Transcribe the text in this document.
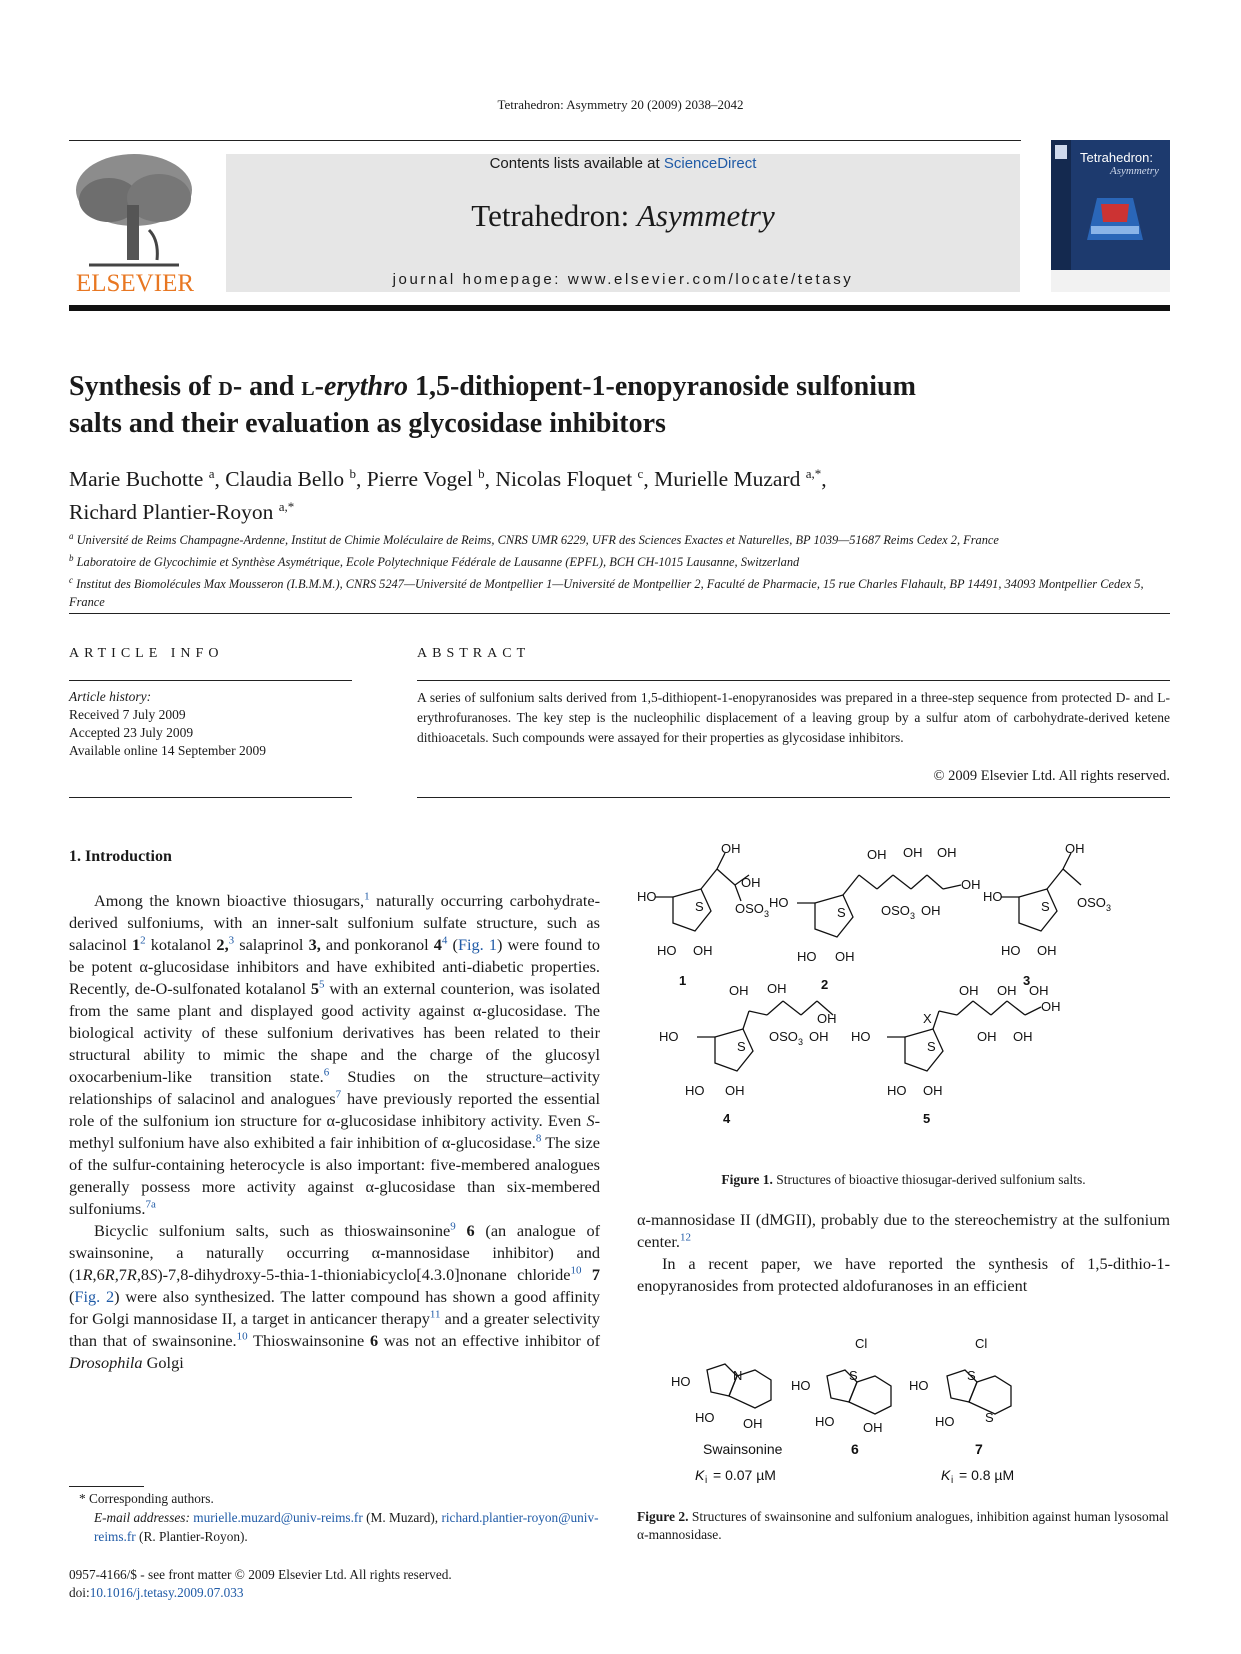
Tetrahedron: Asymmetry 20 (2009) 2038–2042
ELSEVIER
Contents lists available at ScienceDirect
Tetrahedron: Asymmetry
journal homepage: www.elsevier.com/locate/tetasy
Tetrahedron:
Asymmetry
Synthesis of d- and l-erythro 1,5-dithiopent-1-enopyranoside sulfonium
salts and their evaluation as glycosidase inhibitors
Marie Buchotte $^a$, Claudia Bello $^b$, Pierre Vogel $^b$, Nicolas Floquet $^c$, Murielle Muzard $^{a,*}$,
Richard Plantier-Royon $^{a,*}$
$^a$ Université de Reims Champagne-Ardenne, Institut de Chimie Moléculaire de Reims, CNRS UMR 6229, UFR des Sciences Exactes et Naturelles, BP 1039—51687 Reims Cedex 2, France
$^b$ Laboratoire de Glycochimie et Synthèse Asymétrique, Ecole Polytechnique Fédérale de Lausanne (EPFL), BCH CH-1015 Lausanne, Switzerland
$^c$ Institut des Biomolécules Max Mousseron (I.B.M.M.), CNRS 5247—Université de Montpellier 1—Université de Montpellier 2, Faculté de Pharmacie, 15 rue Charles Flahault, BP 14491, 34093 Montpellier Cedex 5, France
ARTICLE INFO	ABSTRACT
Article history:
Received 7 July 2009
Accepted 23 July 2009
Available online 14 September 2009
A series of sulfonium salts derived from 1,5-dithiopent-1-enopyranosides was prepared in a three-step sequence from protected D- and L-erythrofuranoses. The key step is the nucleophilic displacement of a leaving group by a sulfur atom of carbohydrate-derived ketene dithioacetals. Such compounds were assayed for their properties as glycosidase inhibitors.
© 2009 Elsevier Ltd. All rights reserved.
1. Introduction

Among the known bioactive thiosugars,$^1$ naturally occurring carbohydrate-derived sulfoniums, with an inner-salt sulfonium sulfate structure, such as salacinol 1$^2$ kotalanol 2,$^3$ salaprinol 3, and ponkoranol 4$^4$ (Fig. 1) were found to be potent α-glucosidase inhibitors and have exhibited anti-diabetic properties. Recently, de-O-sulfonated kotalanol 5$^5$ with an external counterion, was isolated from the same plant and displayed good activity against α-glucosidase. The biological activity of these sulfonium derivatives has been related to their structural ability to mimic the shape and the charge of the glucosyl oxocarbenium-like transition state.$^6$ Studies on the structure–activity relationships of salacinol and analogues$^7$ have previously reported the essential role of the sulfonium ion structure for α-glucosidase inhibitory activity. Even S-methyl sulfonium have also exhibited a fair inhibition of α-glucosidase.$^8$ The size of the sulfur-containing heterocycle is also important: five-membered analogues generally possess more activity against α-glucosidase than six-membered sulfoniums.$^{7a}$

Bicyclic sulfonium salts, such as thioswainsonine$^9$ 6 (an analogue of swainsonine, a naturally occurring α-mannosidase inhibitor) and (1R,6R,7R,8S)-7,8-dihydroxy-5-thia-1-thioniabicyclo[4.3.0]nonane chloride$^{10}$ 7 (Fig. 2) were also synthesized. The latter compound has shown a good affinity for Golgi mannosidase II, a target in anticancer therapy$^{11}$ and a greater selectivity than that of swainsonine.$^{10}$ Thioswainsonine 6 was not an effective inhibitor of Drosophila Golgi

HO
S
OH
OH
OSO 3
HO OH
1
HO
S
OH OH OH
OH
OSO 3 OH
HO OH
2
HO
S
OH
OSO 3
HO OH
3
HO
S
OH OH
OH
OSO 3 OH
HO OH
4
HO
S
X
OH OH OH
OH
OH OH
HO OH
5
Figure 1. Structures of bioactive thiosugar-derived sulfonium salts.

α-mannosidase II (dMGII), probably due to the stereochemistry at the sulfonium center.$^{12}$

In a recent paper, we have reported the synthesis of 1,5-dithio-1-enopyranosides from protected aldofuranoses in an efficient

HO	N
HO OH
Cl
HO
S
HO OH
Cl
HO
S
S
HO
Swainsonine	6	7
K i = 0.07 µM	K i = 0.8 µM
Figure 2. Structures of swainsonine and sulfonium analogues, inhibition against human lysosomal α-mannosidase.
* Corresponding authors.
E-mail addresses: murielle.muzard@univ-reims.fr (M. Muzard), richard.plantier-royon@univ-reims.fr (R. Plantier-Royon).
0957-4166/$ - see front matter © 2009 Elsevier Ltd. All rights reserved.
doi:10.1016/j.tetasy.2009.07.033
